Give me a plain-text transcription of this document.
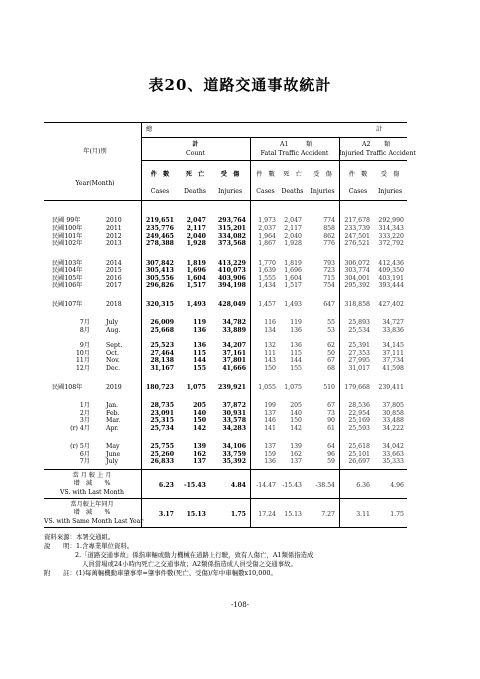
表20、道路交通事故統計
總	計
年(月)別
Year(Month)
計
Count
A1	類
Fatal Traffic Accident
A2 類
Injuried Traffic Accident
件　數
Cases
死　亡
Deaths
受　傷
Injuries
件　數
Cases
死　亡
Deaths
受　傷
Injuries
件　數
Cases
受　傷
Injuries
民國 99年	2010	219,651	2,047	293,764	1,973	2,047	774	217,678	292,990
民國100年	2011	235,776	2,117	315,201	2,037	2,117	858	233,739	314,343
民國101年	2012	249,465	2,040	334,082	1,964	2,040	862	247,501	333,220
民國102年	2013	278,388	1,928	373,568	1,867	1,928	776	276,521	372,792
民國103年	2014	307,842	1,819	413,229	1,770	1,819	793	306,072	412,436
民國104年	2015	305,413	1,696	410,073	1,639	1,696	723	303,774	409,350
民國105年	2016	305,556	1,604	403,906	1,555	1,604	715	304,001	403,191
民國106年	2017	296,826	1,517	394,198	1,434	1,517	754	295,392	393,444
民國107年	2018	320,315	1,493	428,049	1,457	1,493	647	318,858	427,402
7月	July	26,009	119	34,782	116	119	55	25,893	34,727
8月	Aug.	25,668	136	33,889	134	136	53	25,534	33,836
9月	Sept.	25,523	136	34,207	132	136	62	25,391	34,145
10月	Oct.	27,464	115	37,161	111	115	50	27,353	37,111
11月	Nov.	28,138	144	37,801	143	144	67	27,995	37,734
12月	Dec.	31,167	155	41,666	150	155	68	31,017	41,598
民國108年	2019	180,723	1,075	239,921	1,055	1,075	510	179,668	239,411
1月	Jan.	28,735	205	37,872	199	205	67	28,536	37,805
2月	Feb.	23,091	140	30,931	137	140	73	22,954	30,858
3月	Mar.	25,315	150	33,578	146	150	90	25,169	33,488
(r) 4月	Apr.	25,734	142	34,283	141	142	61	25,593	34,222
(r) 5月	May	25,755	139	34,106	137	139	64	25,618	34,042
6月	June	25,260	162	33,759	159	162	96	25,101	33,663
7月	July	26,833	137	35,392	136	137	59	26,697	35,333
當 月 較 上 月
增　減　　%
VS. with Last Month
6.23	-15.43	4.84	-14.47 -15.43	-38.54	6.36	4.96
當月較上年同月
增　減　　%
VS. with Same Month Last Year
3.17	15.13	1.75	17.24	15.13	7.27	3.11	1.75
資料來源：本署交通組。
說　　明：1.含專業單位資料。
2.「道路交通事故」係指車輛或動力機械在道路上行駛，致有人傷亡，A1類係指造成
人員當場或24小時內死亡之交通事故；A2類係指造成人員受傷之交通事故。
附　　註：(1)每萬輛機動車肇事率=肇事件數(死亡、受傷)/年中車輛數x10,000。
-108-
